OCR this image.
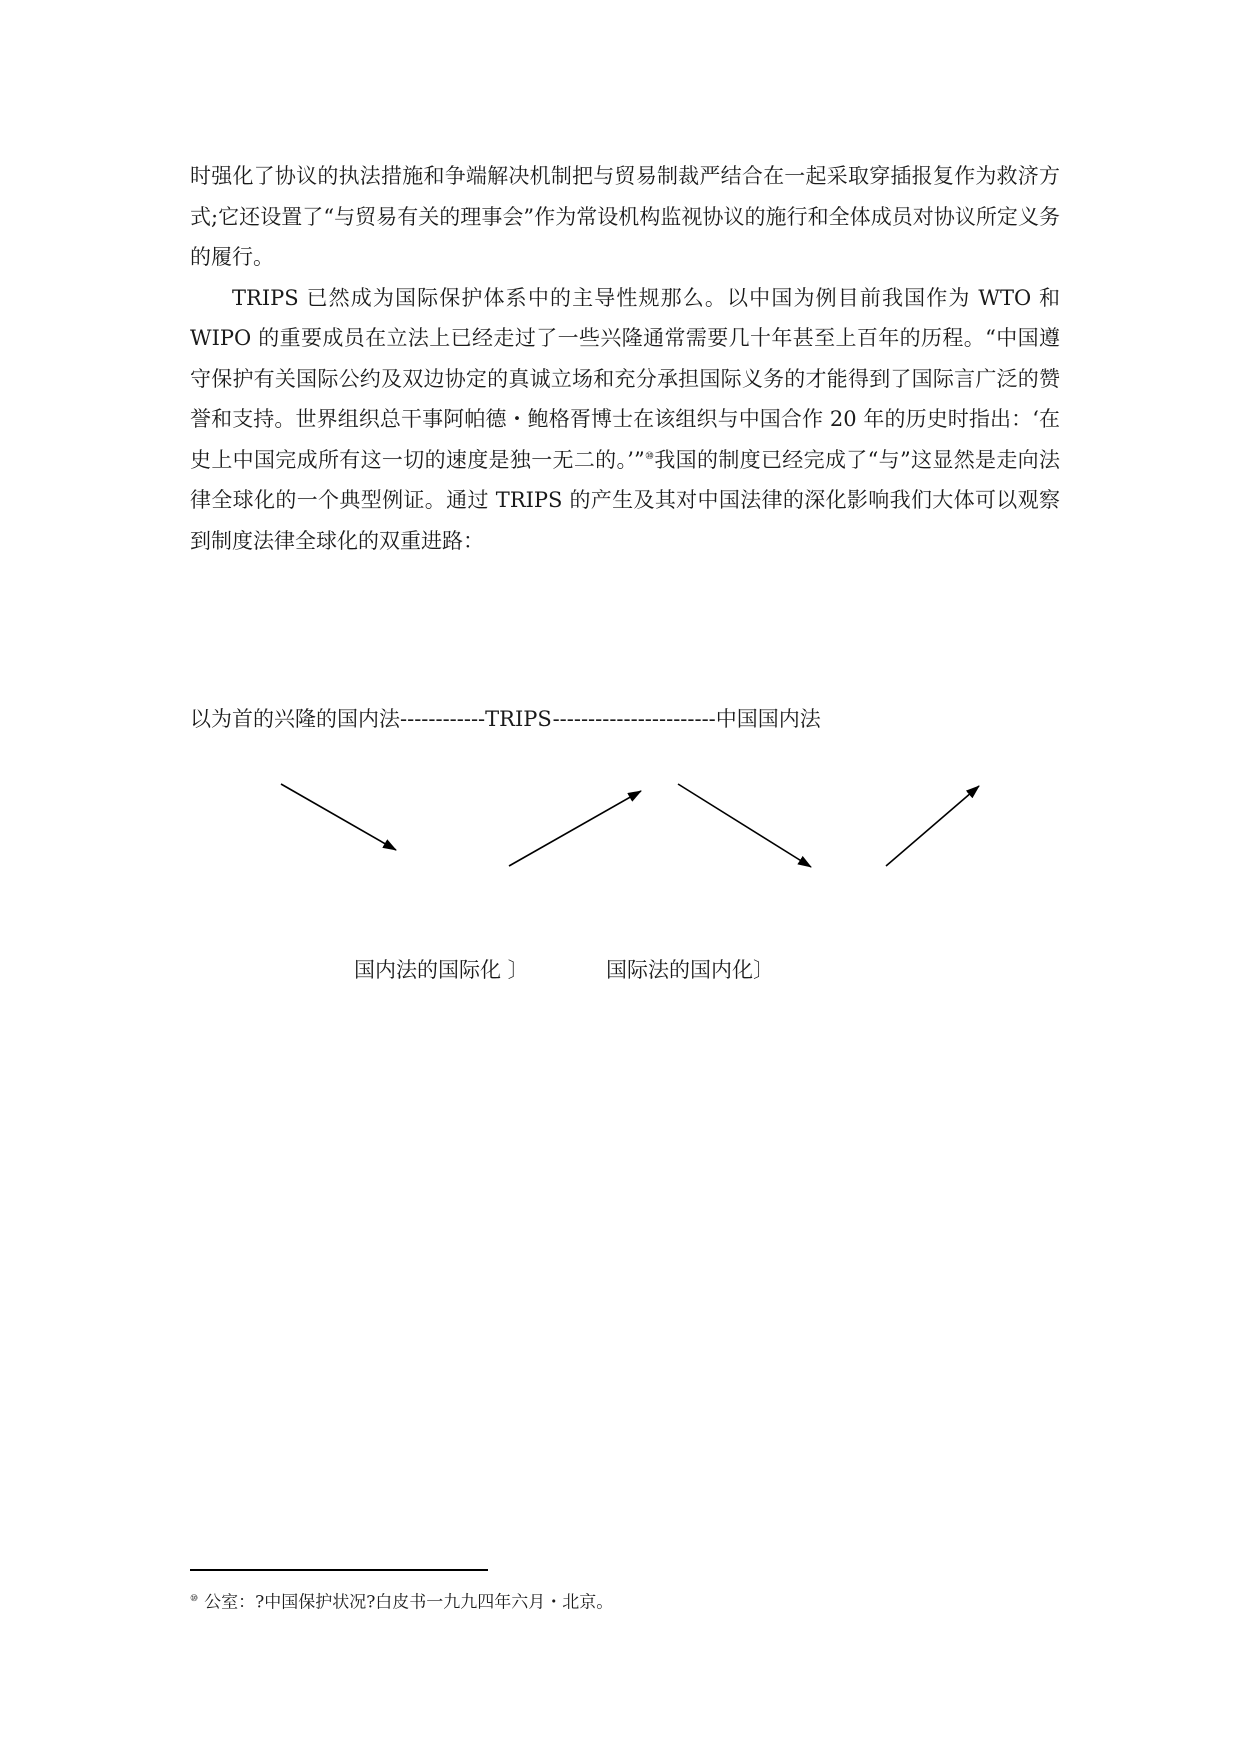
时强化了协议的执法措施和争端解决机制把与贸易制裁严结合在一起采取穿插报复作为救济方式;它还设置了“与贸易有关的理事会”作为常设机构监视协议的施行和全体成员对协议所定义务的履行。

TRIPS 已然成为国际保护体系中的主导性规那么。以中国为例目前我国作为 WTO 和 WIPO 的重要成员在立法上已经走过了一些兴隆通常需要几十年甚至上百年的历程。“中国遵守保护有关国际公约及双边协定的真诚立场和充分承担国际义务的才能得到了国际言广泛的赞誉和支持。世界组织总干事阿帕德・鲍格胥博士在该组织与中国合作 20 年的历史时指出：‘在史上中国完成所有这一切的速度是独一无二的。’”⑩我国的制度已经完成了“与”这显然是走向法律全球化的一个典型例证。通过 TRIPS 的产生及其对中国法律的深化影响我们大体可以观察到制度法律全球化的双重进路：

以为首的兴隆的国内法------------TRIPS-----------------------中国国内法
国内法的国际化 〕	国际法的国内化〕
⑩ 公室：?中国保护状况?白皮书一九九四年六月・北京。
